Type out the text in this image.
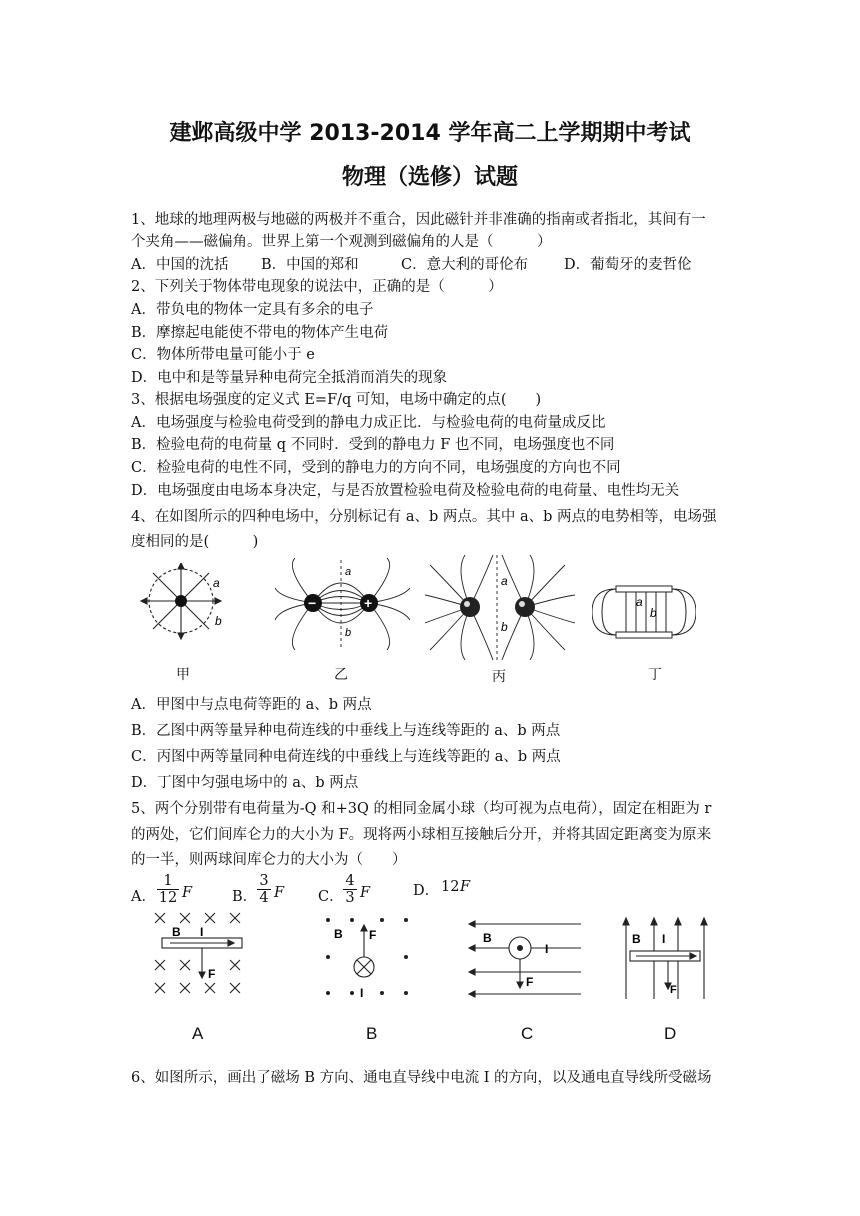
建邺高级中学 2013-2014 学年高二上学期期中考试
物理（选修）试题
1、地球的地理两极与地磁的两极并不重合，因此磁针并非准确的指南或者指北，其间有一
个夹角——磁偏角。世界上第一个观测到磁偏角的人是（　　　）
A．中国的沈括 B．中国的郑和	C．意大利的哥伦布 D．葡萄牙的麦哲伦
2、下列关于物体带电现象的说法中，正确的是（　　　）
A．带负电的物体一定具有多余的电子
B．摩擦起电能使不带电的物体产生电荷
C．物体所带电量可能小于 e
D．电中和是等量异种电荷完全抵消而消失的现象
3、根据电场强度的定义式 E=F/q 可知，电场中确定的点(　　)
A．电场强度与检验电荷受到的静电力成正比．与检验电荷的电荷量成反比
B．检验电荷的电荷量 q 不同时．受到的静电力 F 也不同，电场强度也不同
C．检验电荷的电性不同，受到的静电力的方向不同，电场强度的方向也不同
D．电场强度由电场本身决定，与是否放置检验电荷及检验电荷的电荷量、电性均无关
4、在如图所示的四种电场中，分别标记有 a、b 两点。其中 a、b 两点的电势相等，电场强
度相同的是(　　　)
a
b
−	+
a
b
a
b
a
b
甲	乙	丙	丁
A．甲图中与点电荷等距的 a、b 两点
B．乙图中两等量异种电荷连线的中垂线上与连线等距的 a、b 两点
C．丙图中两等量同种电荷连线的中垂线上与连线等距的 a、b 两点
D．丁图中匀强电场中的 a、b 两点
5、两个分别带有电荷量为-Q 和+3Q 的相同金属小球（均可视为点电荷），固定在相距为 r
的两处，它们间库仑力的大小为 F。现将两小球相互接触后分开，并将其固定距离变为原来
的一半，则两球间库仑力的大小为（　　）
A．
1
12 F	B．
3
4 F C．
4
3 F	D． 12 F
B I
F
B F
I
B
I
F
B I
F
A	B	C	D
6、如图所示，画出了磁场 B 方向、通电直导线中电流 I 的方向，以及通电直导线所受磁场
